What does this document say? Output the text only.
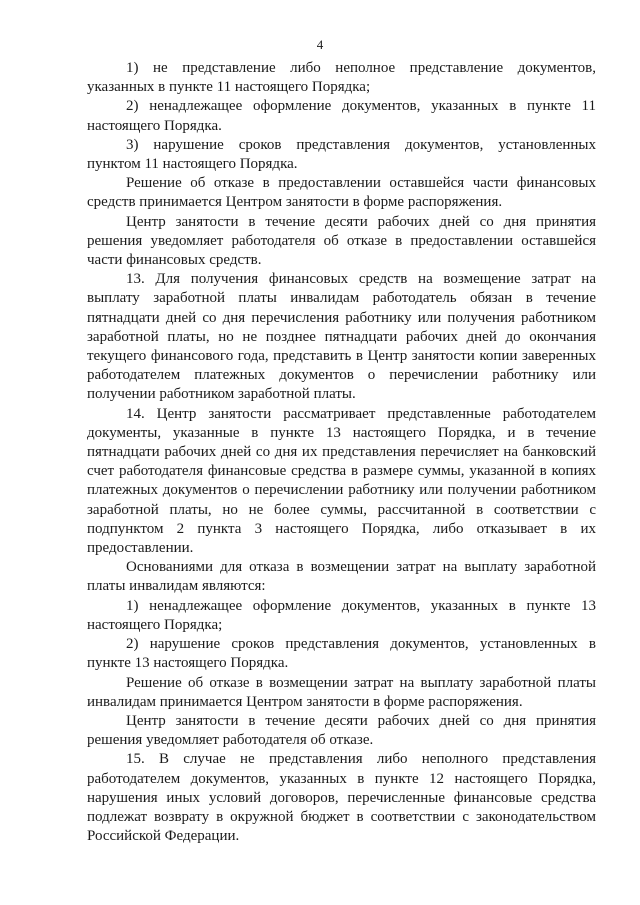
4

1) не представление либо неполное представление документов, указанных в пункте 11 настоящего Порядка;

2) ненадлежащее оформление документов, указанных в пункте 11 настоящего Порядка.

3) нарушение сроков представления документов, установленных пунктом 11 настоящего Порядка.

Решение об отказе в предоставлении оставшейся части финансовых средств принимается Центром занятости в форме распоряжения.

Центр занятости в течение десяти рабочих дней со дня принятия решения уведомляет работодателя об отказе в предоставлении оставшейся части финансовых средств.

13. Для получения финансовых средств на возмещение затрат на выплату заработной платы инвалидам работодатель обязан в течение пятнадцати дней со дня перечисления работнику или получения работником заработной платы, но не позднее пятнадцати рабочих дней до окончания текущего финансового года, представить в Центр занятости копии заверенных работодателем платежных документов о перечислении работнику или получении работником заработной платы.

14. Центр занятости рассматривает представленные работодателем документы, указанные в пункте 13 настоящего Порядка, и в течение пятнадцати рабочих дней со дня их представления перечисляет на банковский счет работодателя финансовые средства в размере суммы, указанной в копиях платежных документов о перечислении работнику или получении работником заработной платы, но не более суммы, рассчитанной в соответствии с подпунктом 2 пункта 3 настоящего Порядка, либо отказывает в их предоставлении.

Основаниями для отказа в возмещении затрат на выплату заработной платы инвалидам являются:

1) ненадлежащее оформление документов, указанных в пункте 13 настоящего Порядка;

2) нарушение сроков представления документов, установленных в пункте 13 настоящего Порядка.

Решение об отказе в возмещении затрат на выплату заработной платы инвалидам принимается Центром занятости в форме распоряжения.

Центр занятости в течение десяти рабочих дней со дня принятия решения уведомляет работодателя об отказе.

15. В случае не представления либо неполного представления работодателем документов, указанных в пункте 12 настоящего Порядка, нарушения иных условий договоров, перечисленные финансовые средства подлежат возврату в окружной бюджет в соответствии с законодательством Российской Федерации.
